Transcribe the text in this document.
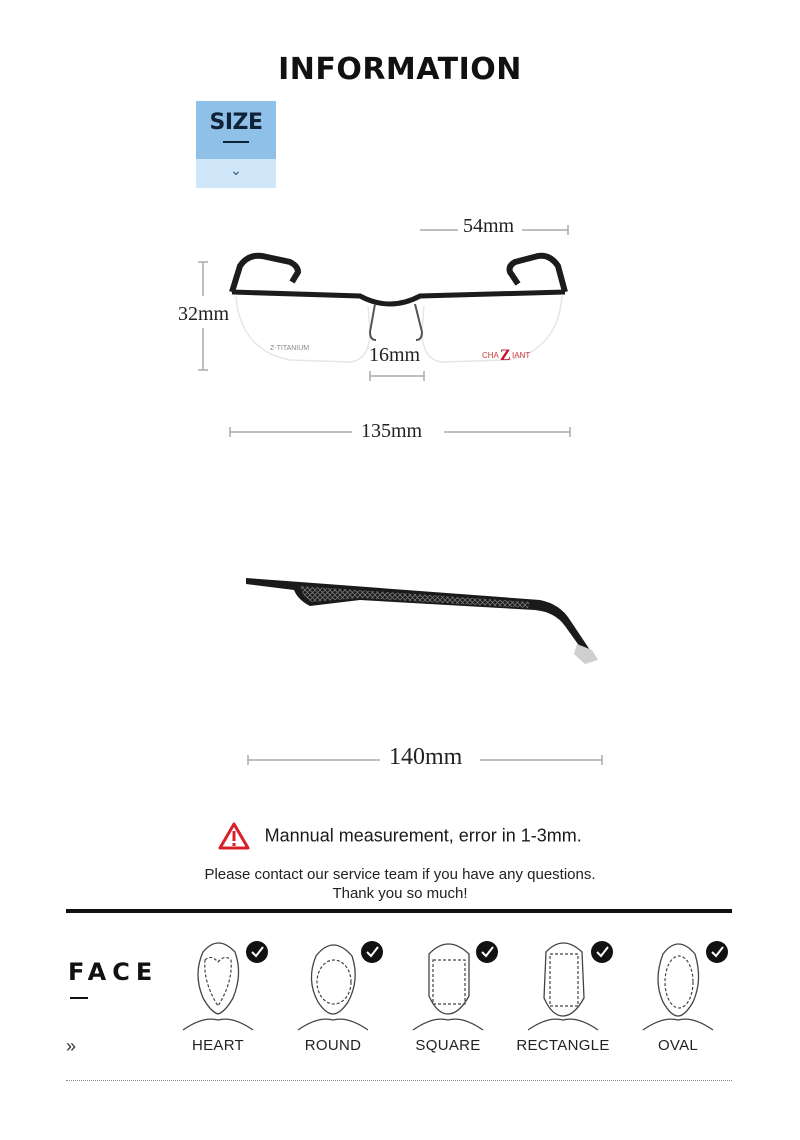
INFORMATION
SIZE
⌄
Z-TITANIUM
CHA Z IANT
54mm
32mm
16mm
135mm
140mm
Mannual measurement, error in 1-3mm.
Please contact our service team if you have any questions.
Thank you so much!
FACE
»	HEART	ROUND	SQUARE	RECTANGLE	OVAL
